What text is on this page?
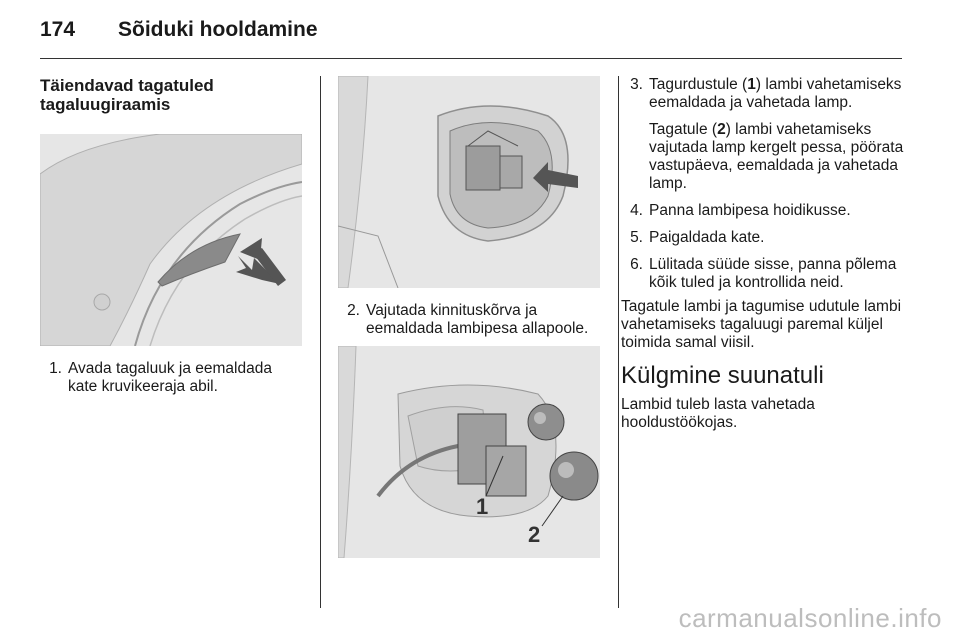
174	Sõiduki hooldamine
Täiendavad tagatuled tagaluugiraamis
1. Avada tagaluuk ja eemaldada kate kruvikeeraja abil.
2. Vajutada kinnituskõrva ja eemaldada lambipesa allapoole.
1
2
3. Tagurdustule (1) lambi vahetamiseks eemaldada ja vahetada lamp.
Tagatule (2) lambi vahetamiseks vajutada lamp kergelt pessa, pöörata vastupäeva, eemaldada ja vahetada lamp.
4. Panna lambipesa hoidikusse.
5. Paigaldada kate.
6. Lülitada süüde sisse, panna põlema kõik tuled ja kontrollida neid.

Tagatule lambi ja tagumise udutule lambi vahetamiseks tagaluugi paremal küljel toimida samal viisil.

Külgmine suunatuli

Lambid tuleb lasta vahetada hooldustöökojas.

carmanualsonline.info
